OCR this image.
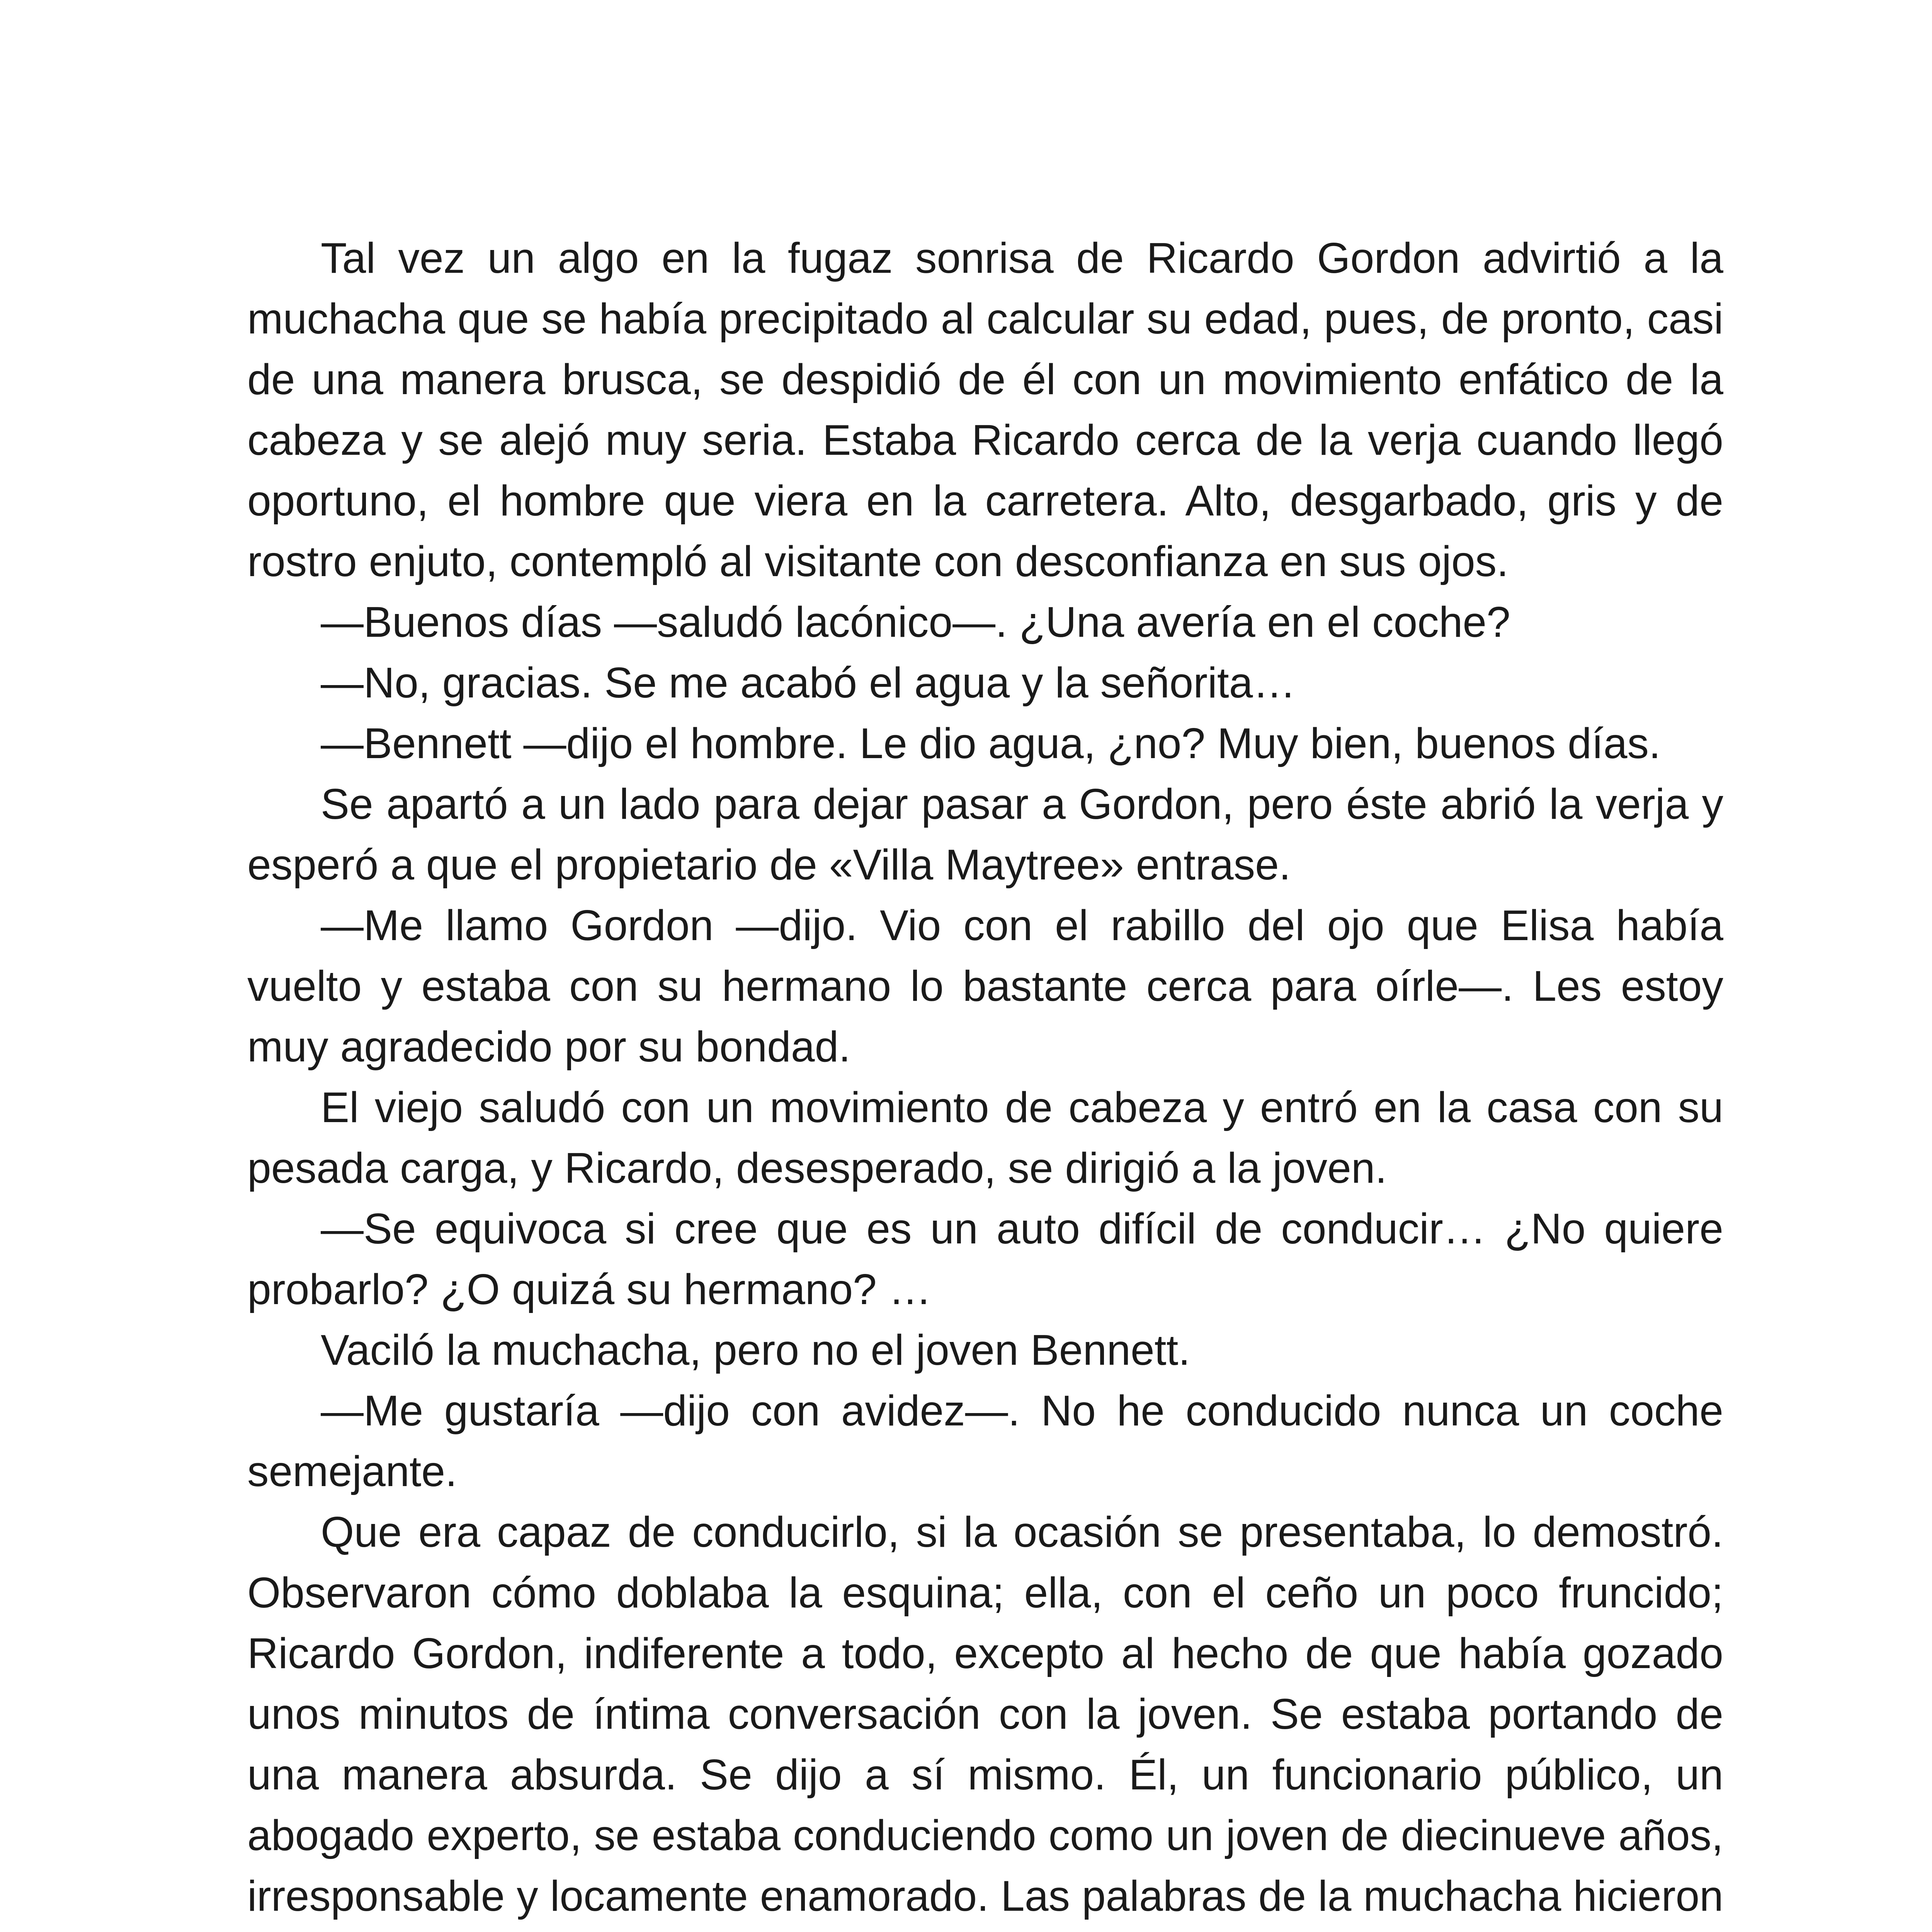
Tal vez un algo en la fugaz sonrisa de Ricardo Gordon advirtió a la muchacha que se había precipitado al calcular su edad, pues, de pronto, casi de una manera brusca, se despidió de él con un movimiento enfático de la cabeza y se alejó muy seria. Estaba Ricardo cerca de la verja cuando llegó oportuno, el hombre que viera en la carretera. Alto, desgarbado, gris y de rostro enjuto, contempló al visitante con desconfianza en sus ojos.

—Buenos días —saludó lacónico—. ¿Una avería en el coche?

—No, gracias. Se me acabó el agua y la señorita…

—Bennett —dijo el hombre. Le dio agua, ¿no? Muy bien, buenos días.

Se apartó a un lado para dejar pasar a Gordon, pero éste abrió la verja y esperó a que el propietario de «Villa Maytree» entrase.

—Me llamo Gordon —dijo. Vio con el rabillo del ojo que Elisa había vuelto y estaba con su hermano lo bastante cerca para oírle—. Les estoy muy agradecido por su bondad.

El viejo saludó con un movimiento de cabeza y entró en la casa con su pesada carga, y Ricardo, desesperado, se dirigió a la joven.

—Se equivoca si cree que es un auto difícil de conducir… ¿No quiere probarlo? ¿O quizá su hermano? …

Vaciló la muchacha, pero no el joven Bennett.

—Me gustaría —dijo con avidez—. No he conducido nunca un coche semejante.

Que era capaz de conducirlo, si la ocasión se presentaba, lo demostró. Observaron cómo doblaba la esquina; ella, con el ceño un poco fruncido; Ricardo Gordon, indiferente a todo, excepto al hecho de que había gozado unos minutos de íntima conversación con la joven. Se estaba portando de una manera absurda. Se dijo a sí mismo. Él, un funcionario público, un abogado experto, se estaba conduciendo como un joven de diecinueve años, irresponsable y locamente enamorado. Las palabras de la muchacha hicieron
